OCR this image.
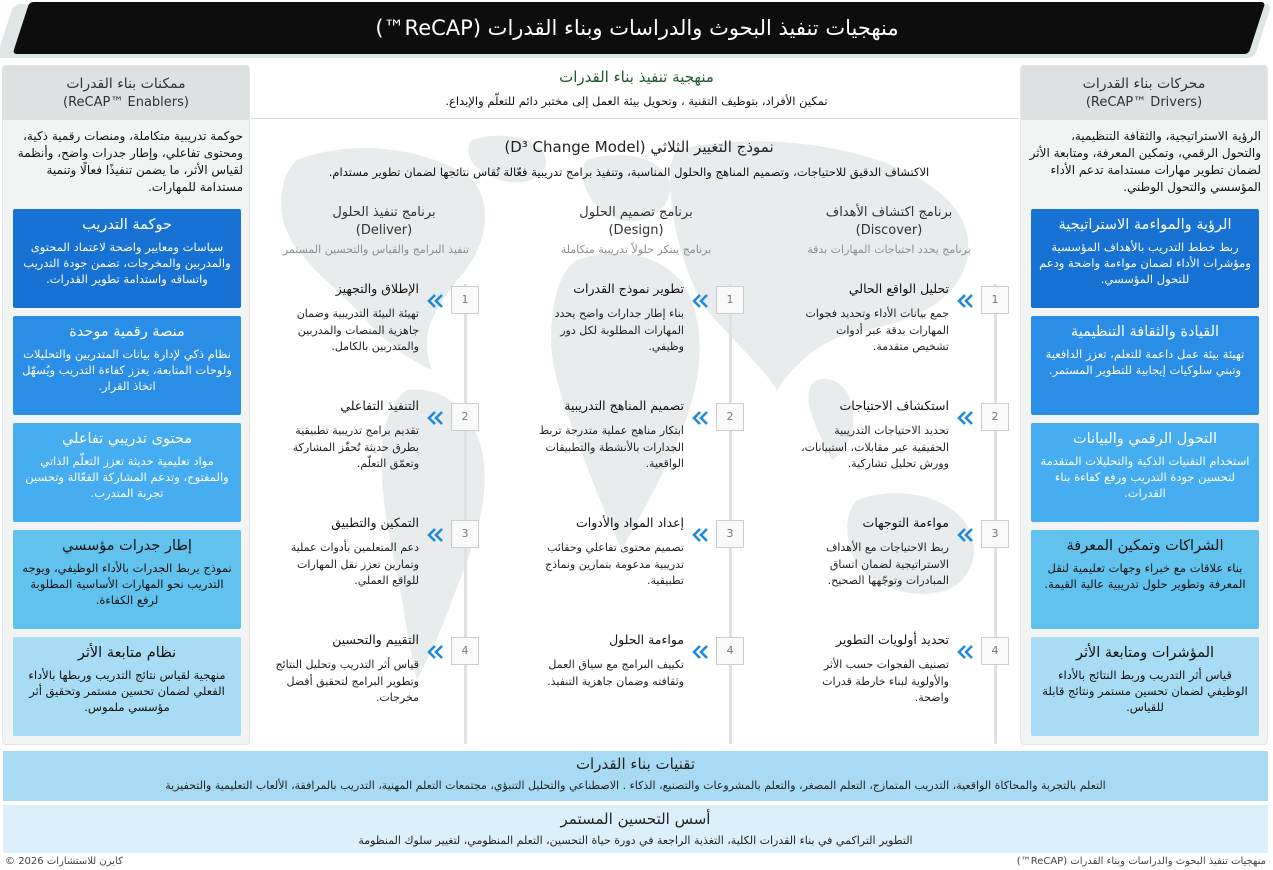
منهجيات تنفيذ البحوث والدراسات وبناء القدرات (ReCAP™)
ممكنات بناء القدرات
(ReCAP™ Enablers)
حوكمة تدريبية متكاملة، ومنصات رقمية ذكية، ومحتوى تفاعلي، وإطار جدرات واضح، وأنظمة لقياس الأثر، ما يضمن تنفيذًا فعالًا وتنمية مستدامة للمهارات.
حوكمة التدريب
سياسات ومعايير واضحة لاعتماد المحتوى والمدربين والمخرجات، تضمن جودة التدريب واتساقه واستدامة تطوير القدرات.
منصة رقمية موحدة
نظام ذكي لإدارة بيانات المتدربين والتحليلات ولوحات المتابعة، يعزز كفاءة التدريب ويُسهّل اتخاذ القرار.
محتوى تدريبي تفاعلي
مواد تعليمية حديثة تعزز التعلّم الذاتي والمفتوح، وتدعم المشاركة الفعّالة وتحسين تجربة المتدرب.
إطار جدرات مؤسسي
نموذج يربط الجدرات بالأداء الوظيفي، ويوجه التدريب نحو المهارات الأساسية المطلوبة لرفع الكفاءة.
نظام متابعة الأثر
منهجية لقياس نتائج التدريب وربطها بالأداء الفعلي لضمان تحسين مستمر وتحقيق أثر مؤسسي ملموس.
محركات بناء القدرات
(ReCAP™ Drivers)
الرؤية الاستراتيجية، والثقافة التنظيمية، والتحول الرقمي، وتمكين المعرفة، ومتابعة الأثر لضمان تطوير مهارات مستدامة تدعم الأداء المؤسسي والتحول الوطني.
الرؤية والمواءمة الاستراتيجية
ربط خطط التدريب بالأهداف المؤسسية ومؤشرات الأداء لضمان مواءمة واضحة ودعم للتحول المؤسسي.
القيادة والثقافة التنظيمية
تهيئة بيئة عمل داعمة للتعلم، تعزز الدافعية وتبني سلوكيات إيجابية للتطوير المستمر.
التحول الرقمي والبيانات
استخدام التقنيات الذكية والتحليلات المتقدمة لتحسين جودة التدريب ورفع كفاءة بناء القدرات.
الشراكات وتمكين المعرفة
بناء علاقات مع خبراء وجهات تعليمية لنقل المعرفة وتطوير حلول تدريبية عالية القيمة.
المؤشرات ومتابعة الأثر
قياس أثر التدريب وربط النتائج بالأداء الوظيفي لضمان تحسين مستمر ونتائج قابلة للقياس.
منهجية تنفيذ بناء القدرات
تمكين الأفراد، بتوظيف التقنية ، وتحويل بيئة العمل إلى مختبر دائم للتعلّم والإبداع.
نموذج التغيير الثلاثي (D³ Change Model)
الاكتشاف الدقيق للاحتياجات، وتصميم المناهج والحلول المناسبة، وتنفيذ برامج تدريبية فعّالة تُقاس نتائجها لضمان تطوير مستدام.
برنامج اكتشاف الأهداف
(Discover)
برنامج يحدد احتياجات المهارات بدقة
برنامج تصميم الحلول
(Design)
برنامج يبتكر حلولاً تدريبية متكاملة
برنامج تنفيذ الحلول
(Deliver)
تنفيذ البرامج والقياس والتحسين المستمر
1
تحليل الواقع الحالي
جمع بيانات الأداء وتحديد فجوات المهارات بدقة عبر أدوات تشخيص متقدمة.
2
استكشاف الاحتياجات
تحديد الاحتياجات التدريبية الحقيقية عبر مقابلات، استبيانات، وورش تحليل تشاركية.
3
مواءمة التوجهات
ربط الاحتياجات مع الأهداف الاستراتيجية لضمان اتساق المبادرات وتوجّهها الصحيح.
4
تحديد أولويات التطوير
تصنيف الفجوات حسب الأثر والأولوية لبناء خارطة قدرات واضحة.
1
تطوير نموذج القدرات
بناء إطار جدارات واضح يحدد المهارات المطلوبة لكل دور وظيفي.
2
تصميم المناهج التدريبية
ابتكار مناهج عملية متدرجة تربط الجدارات بالأنشطة والتطبيقات الواقعية.
3
إعداد المواد والأدوات
تصميم محتوى تفاعلي وحقائب تدريبية مدعومة بتمارين ونماذج تطبيقية.
4
مواءمة الحلول
تكييف البرامج مع سياق العمل وثقافته وضمان جاهزية التنفيذ.
1
الإطلاق والتجهيز
تهيئة البيئة التدريبية وضمان جاهزية المنصات والمدربين والمتدربين بالكامل.
2
التنفيذ التفاعلي
تقديم برامج تدريبية تطبيقية بطرق حديثة تُحفّز المشاركة وتعمّق التعلّم.
3
التمكين والتطبيق
دعم المتعلمين بأدوات عملية وتمارين تعزز نقل المهارات للواقع العملي.
4
التقييم والتحسين
قياس أثر التدريب وتحليل النتائج وتطوير البرامج لتحقيق أفضل مخرجات.
تقنيات بناء القدرات
التعلم بالتجربة والمحاكاة الواقعية، التدريب المتمازج، التعلم المصغر، والتعلم بالمشروعات والتصنيع، الذكاء . الاصطناعي والتحليل التنبؤي، مجتمعات التعلم المهنية، التدريب بالمرافقة، الألعاب التعليمية والتحفيزية
أسس التحسين المستمر
التطوير التراكمي في بناء القدرات الكلية، التغذية الراجعة في دورة حياة التحسين، التعلم المنظومي، لتغيير سلوك المنظومة
منهجيات تنفيذ البحوث والدراسات وبناء القدرات (ReCAP™)
كايزن للاستشارات 2026 ©
